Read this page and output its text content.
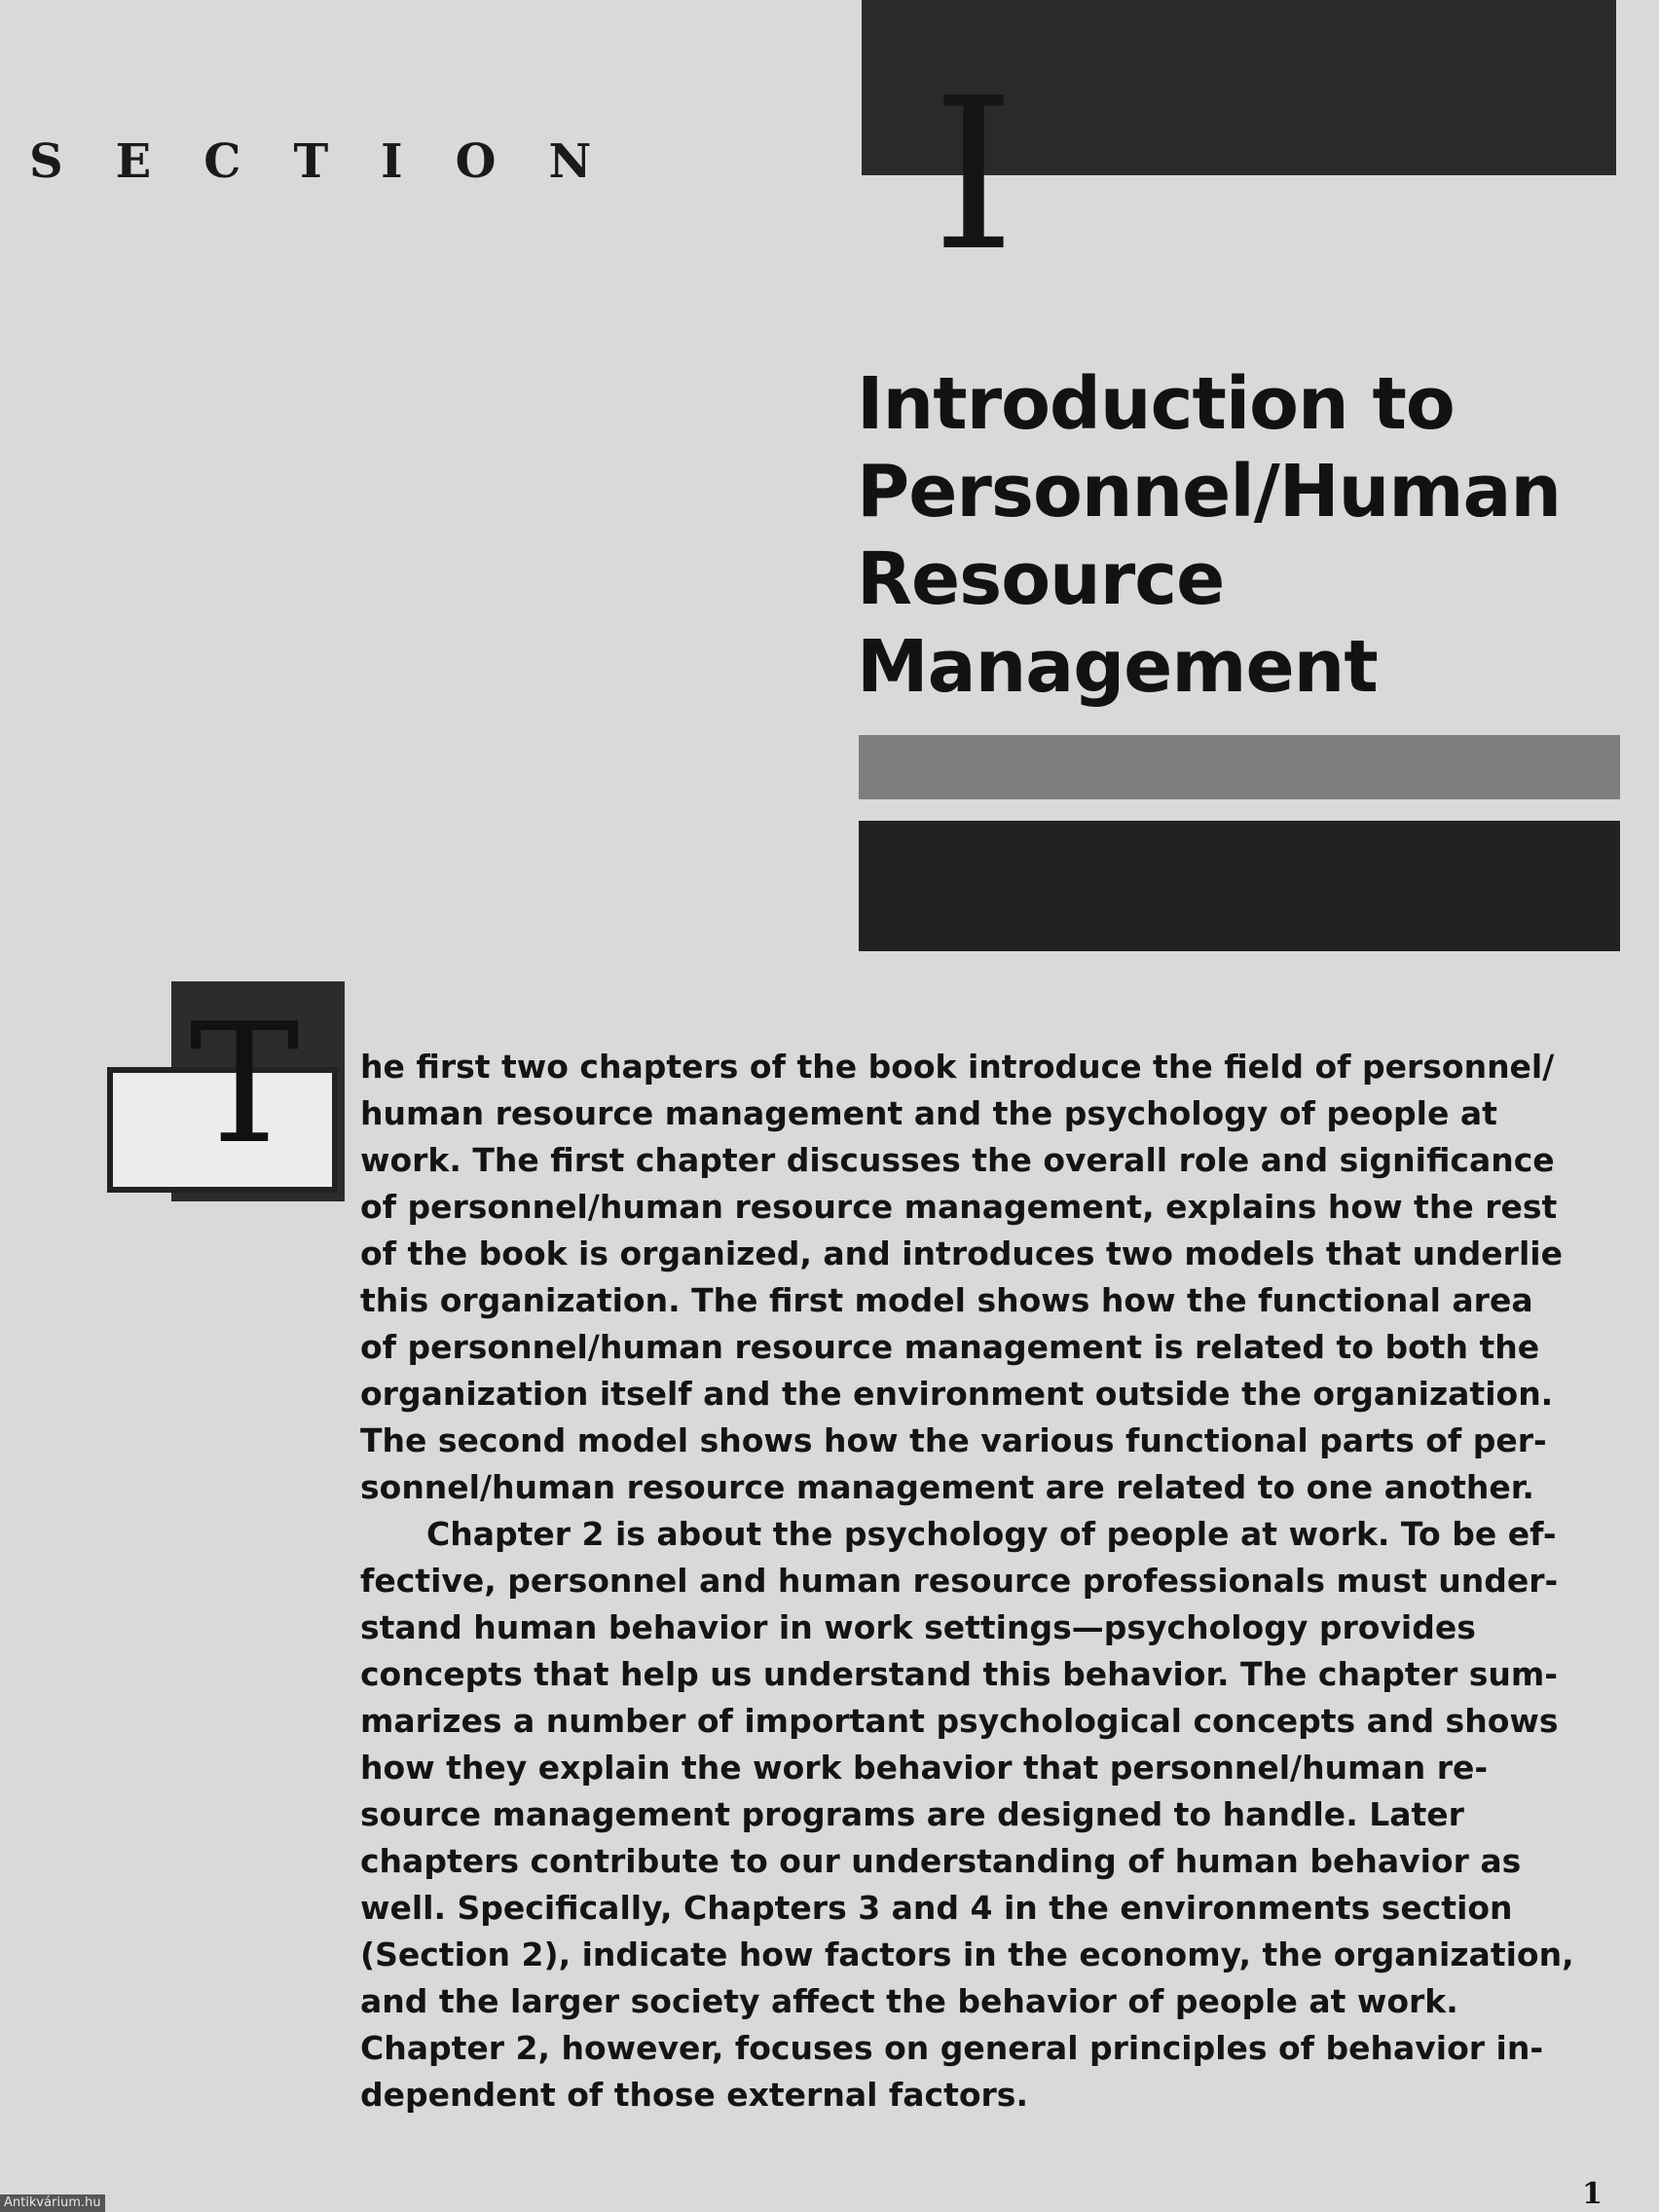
SECTION I
Introduction to
Personnel/Human
Resource
Management
T he first two chapters of the book introduce the field of personnel/
human resource management and the psychology of people at
work. The first chapter discusses the overall role and significance
of personnel/human resource management, explains how the rest
of the book is organized, and introduces two models that underlie
this organization. The first model shows how the functional area
of personnel/human resource management is related to both the
organization itself and the environment outside the organization.
The second model shows how the various functional parts of per-
sonnel/human resource management are related to one another.
Chapter 2 is about the psychology of people at work. To be ef-
fective, personnel and human resource professionals must under-
stand human behavior in work settings—psychology provides
concepts that help us understand this behavior. The chapter sum-
marizes a number of important psychological concepts and shows
how they explain the work behavior that personnel/human re-
source management programs are designed to handle. Later
chapters contribute to our understanding of human behavior as
well. Specifically, Chapters 3 and 4 in the environments section
(Section 2), indicate how factors in the economy, the organization,
and the larger society affect the behavior of people at work.
Chapter 2, however, focuses on general principles of behavior in-
dependent of those external factors.
1
Antikvárium.hu
